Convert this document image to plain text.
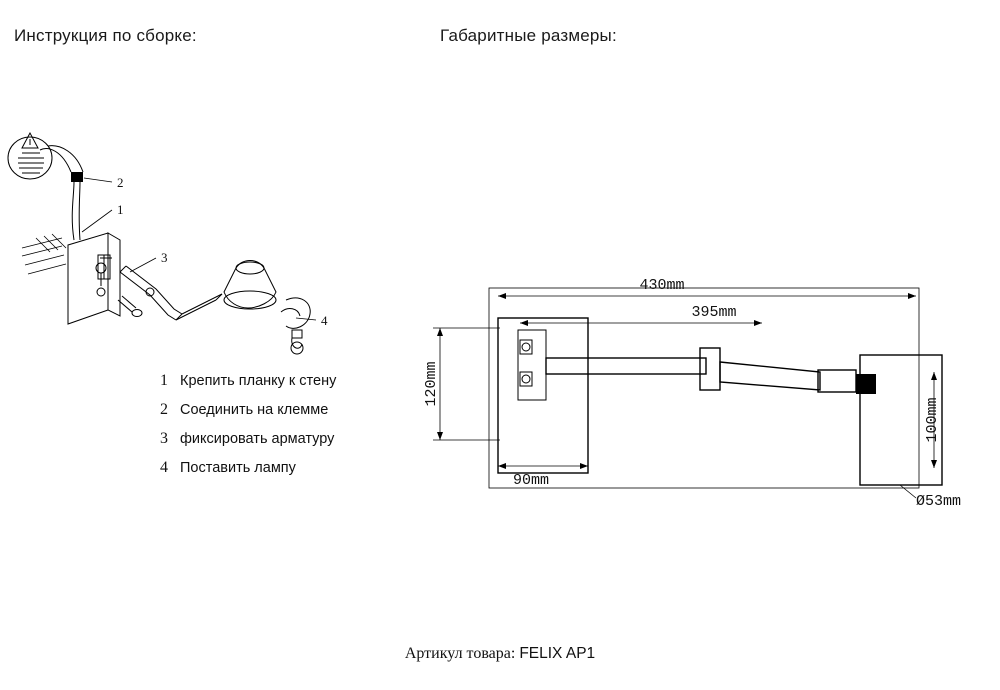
Инструкция по сборке:	Габаритные размеры:
2
1
3
4
430mm
395mm
120mm
90mm
100mm
Ø53mm
1 Крепить планку к стену
2 Соединить на клемме
3 фиксировать арматуру
4 Поставить лампу
Артикул товара: FELIX AP1
